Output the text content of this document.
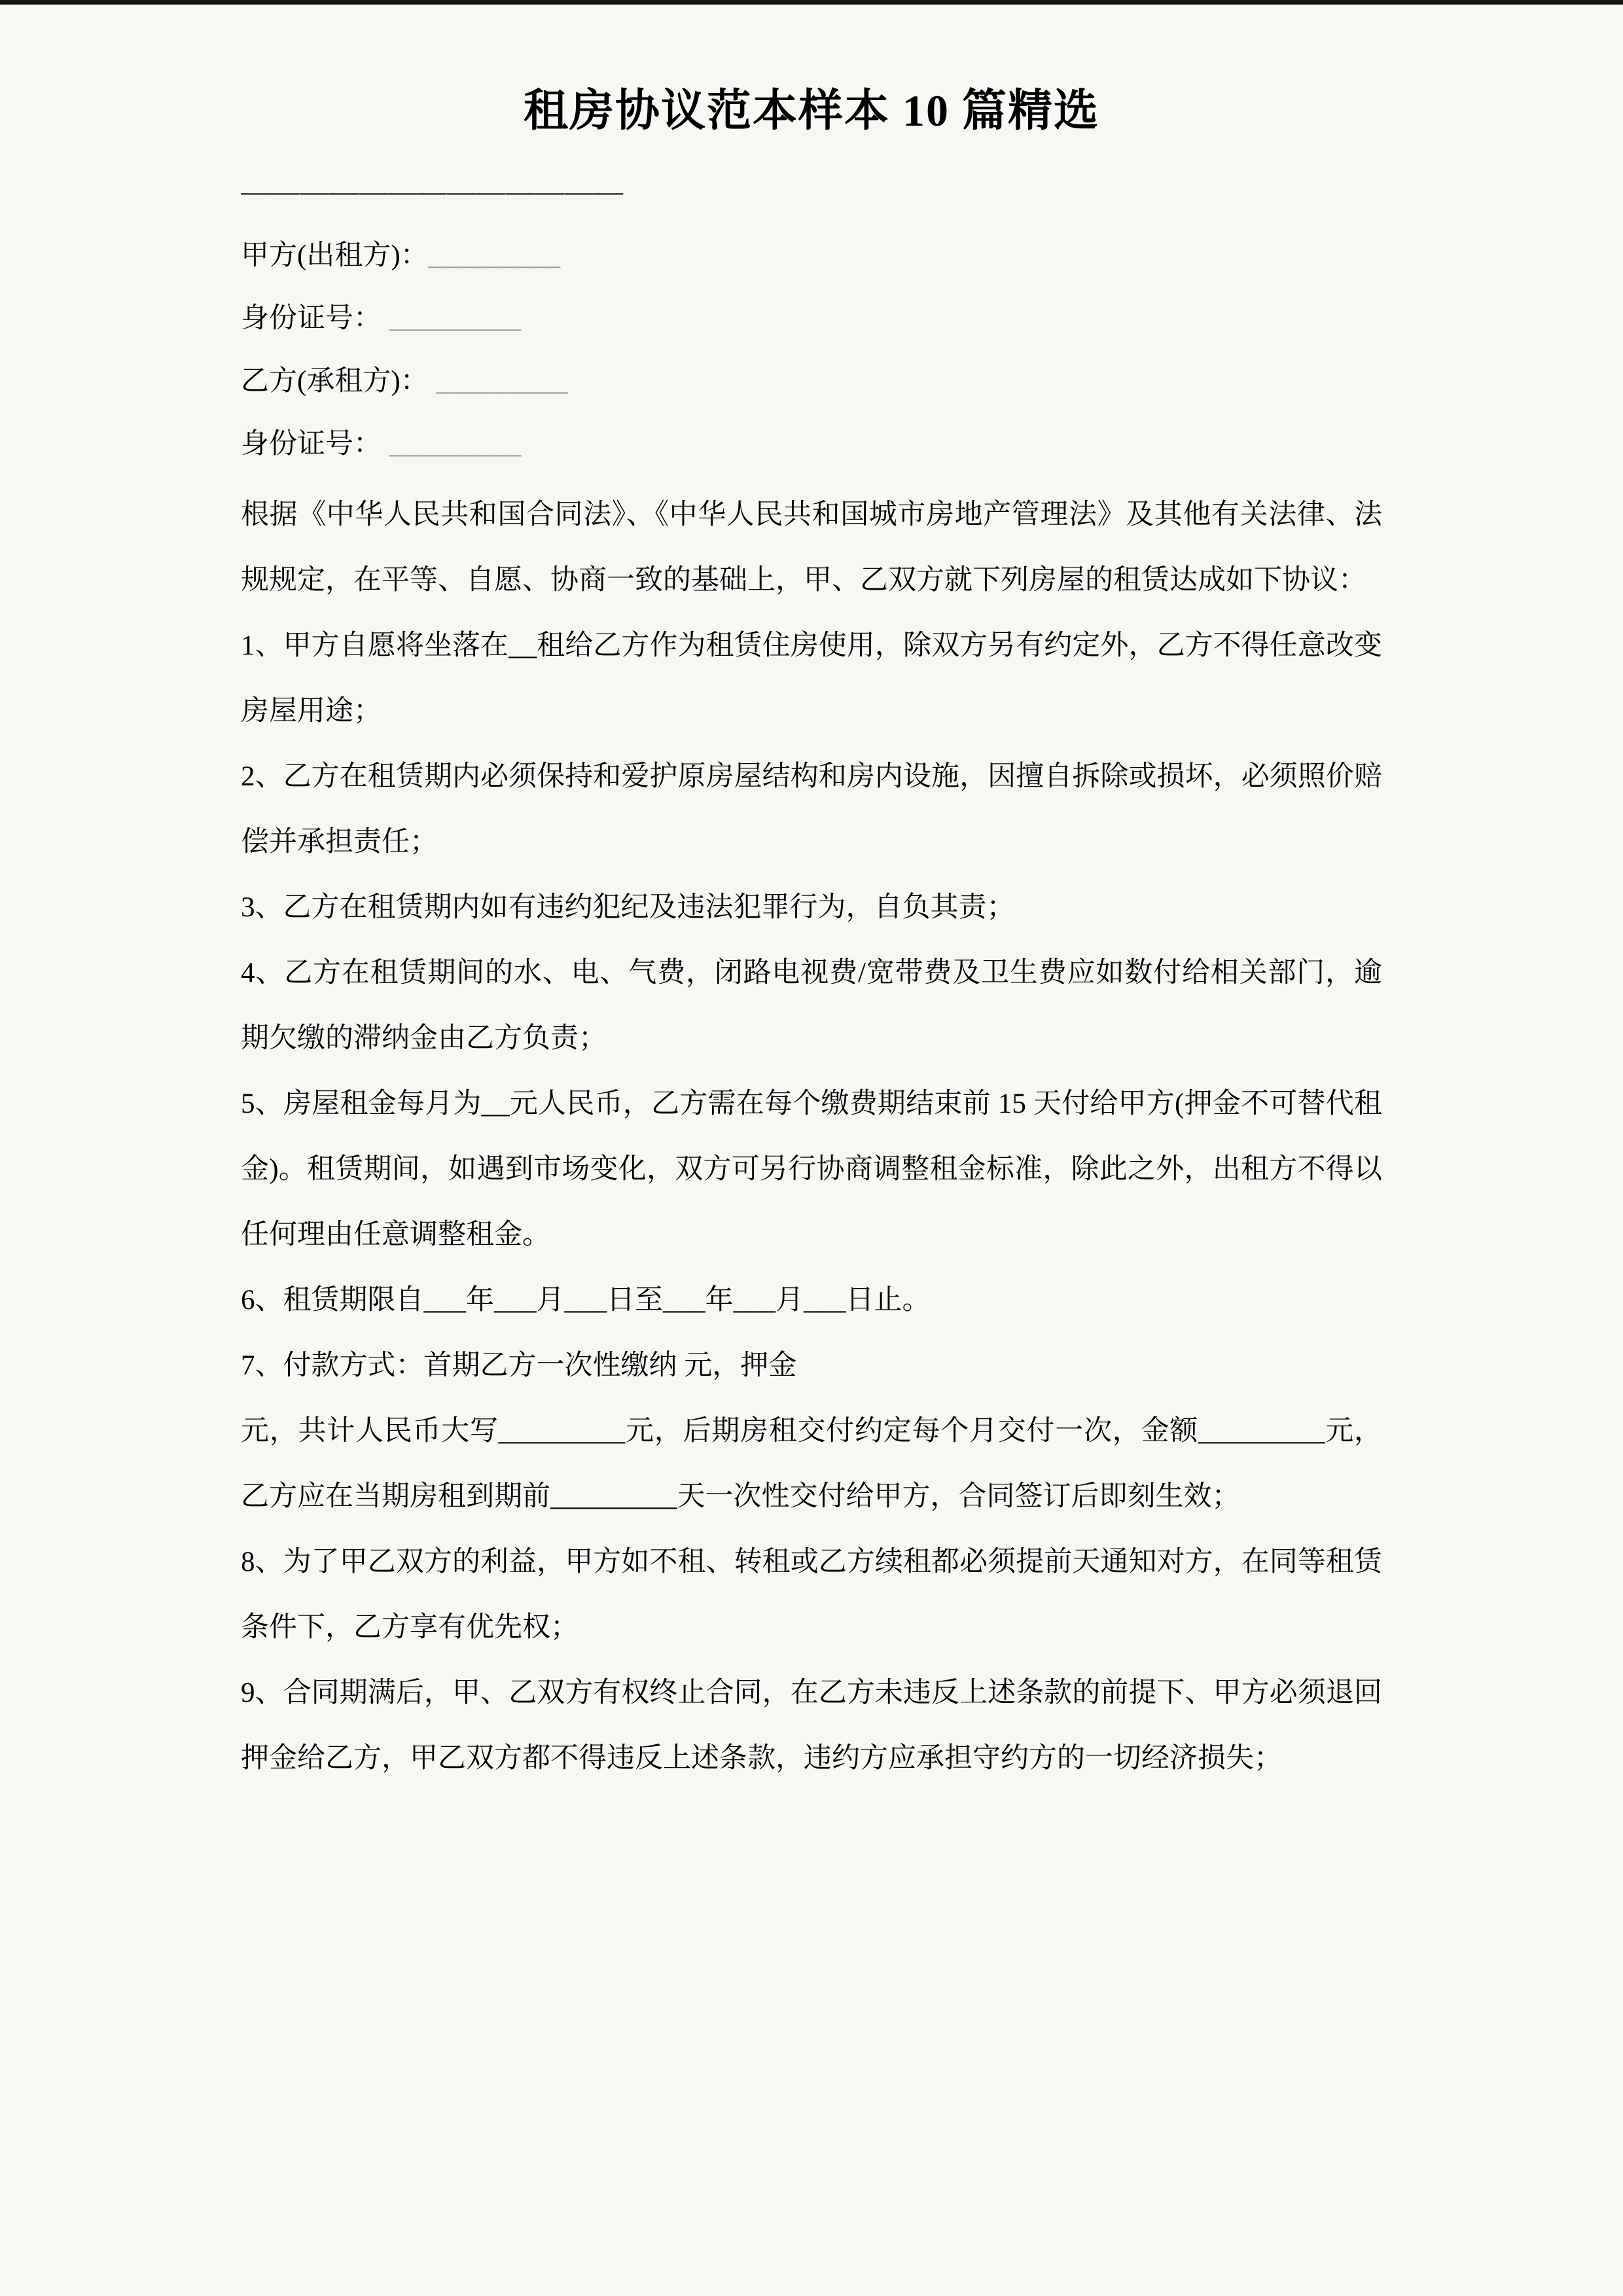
租房协议范本样本 10 篇精选
—————————————

甲方(出租方)：_________

身份证号： _________

乙方(承租方)： _________

身份证号： _________

根据《中华人民共和国合同法》、《中华人民共和国城市房地产管理法》及其他有关法律、法规规定，在平等、自愿、协商一致的基础上，甲、乙双方就下列房屋的租赁达成如下协议：

1、甲方自愿将坐落在__租给乙方作为租赁住房使用，除双方另有约定外，乙方不得任意改变房屋用途；

2、乙方在租赁期内必须保持和爱护原房屋结构和房内设施，因擅自拆除或损坏，必须照价赔偿并承担责任；

3、乙方在租赁期内如有违约犯纪及违法犯罪行为，自负其责；

4、乙方在租赁期间的水、电、气费，闭路电视费/宽带费及卫生费应如数付给相关部门，逾期欠缴的滞纳金由乙方负责；

5、房屋租金每月为__元人民币，乙方需在每个缴费期结束前 15 天付给甲方(押金不可替代租金)。租赁期间，如遇到市场变化，双方可另行协商调整租金标准，除此之外，出租方不得以任何理由任意调整租金。

6、租赁期限自___年___月___日至___年___月___日止。

7、付款方式：首期乙方一次性缴纳 元，押金

元，共计人民币大写_________元，后期房租交付约定每个月交付一次，金额_________元，乙方应在当期房租到期前_________天一次性交付给甲方，合同签订后即刻生效；

8、为了甲乙双方的利益，甲方如不租、转租或乙方续租都必须提前天通知对方，在同等租赁条件下，乙方享有优先权；

9、合同期满后，甲、乙双方有权终止合同，在乙方未违反上述条款的前提下、甲方必须退回押金给乙方，甲乙双方都不得违反上述条款，违约方应承担守约方的一切经济损失；
